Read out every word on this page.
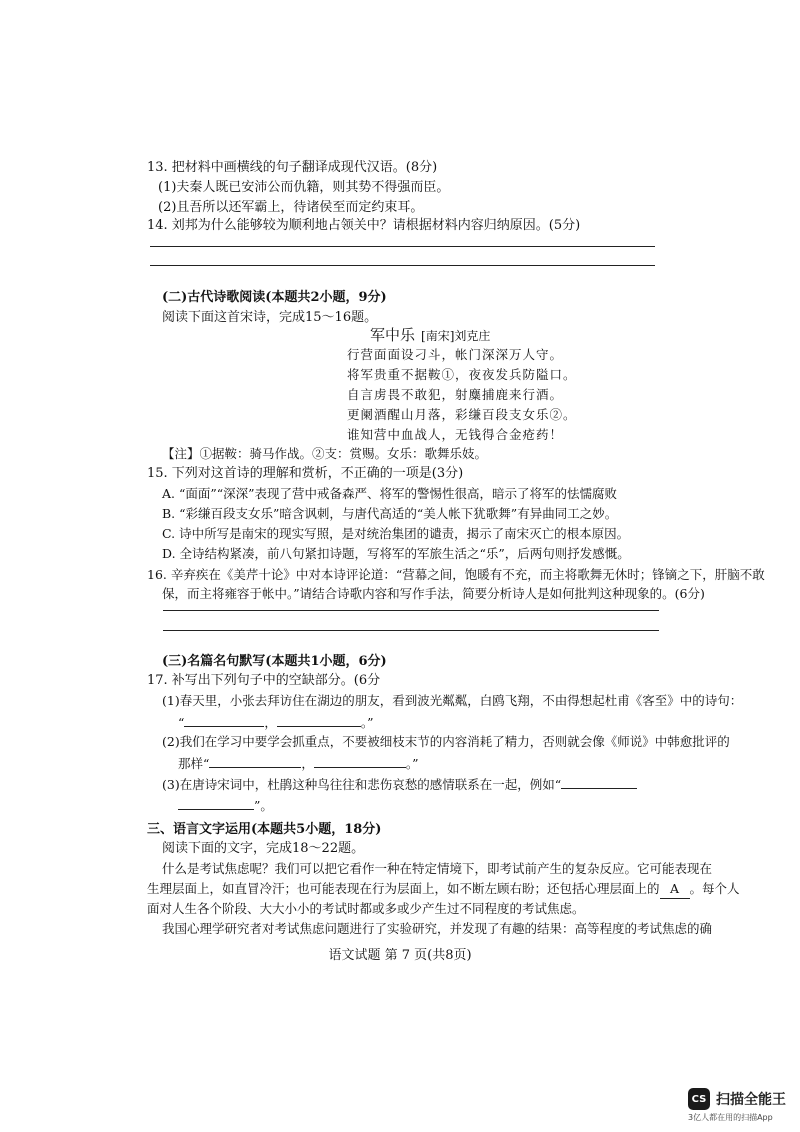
13. 把材料中画横线的句子翻译成现代汉语。(8分)
(1)夫秦人既已安沛公而仇籍，则其势不得强而臣。
(2)且吾所以还军霸上，待诸侯至而定约束耳。
14. 刘邦为什么能够较为顺利地占领关中？请根据材料内容归纳原因。(5分)
(二)古代诗歌阅读(本题共2小题，9分)
阅读下面这首宋诗，完成15～16题。
军中乐 [南宋]刘克庄
行营面面设刁斗，帐门深深万人守。
将军贵重不据鞍①，夜夜发兵防隘口。
自言虏畏不敢犯，射麋捕鹿来行酒。
更阑酒醒山月落，彩缣百段支女乐②。
谁知营中血战人，无钱得合金疮药！
【注】①据鞍：骑马作战。②支：赏赐。女乐：歌舞乐妓。
15. 下列对这首诗的理解和赏析，不正确的一项是(3分)
A. “面面”“深深”表现了营中戒备森严、将军的警惕性很高，暗示了将军的怯懦腐败
B. “彩缣百段支女乐”暗含讽刺，与唐代高适的“美人帐下犹歌舞”有异曲同工之妙。
C. 诗中所写是南宋的现实写照，是对统治集团的谴责，揭示了南宋灭亡的根本原因。
D. 全诗结构紧凑，前八句紧扣诗题，写将军的军旅生活之“乐”，后两句则抒发感慨。
16. 辛弃疾在《美芹十论》中对本诗评论道：“营幕之间，饱暖有不充，而主将歌舞无休时；锋镝之下，肝脑不敢
保，而主将雍容于帐中。”请结合诗歌内容和写作手法，简要分析诗人是如何批判这种现象的。(6分)
(三)名篇名句默写(本题共1小题，6分)
17. 补写出下列句子中的空缺部分。(6分
(1)春天里，小张去拜访住在湖边的朋友，看到波光粼粼，白鸥飞翔，不由得想起杜甫《客至》中的诗句：
“	，	。”
(2)我们在学习中要学会抓重点，不要被细枝末节的内容消耗了精力，否则就会像《师说》中韩愈批评的
那样“	，	。”
(3)在唐诗宋词中，杜鹃这种鸟往往和悲伤哀愁的感情联系在一起，例如“
”。
三、语言文字运用(本题共5小题，18分)
阅读下面的文字，完成18～22题。
什么是考试焦虑呢？我们可以把它看作一种在特定情境下，即考试前产生的复杂反应。它可能表现在
生理层面上，如直冒冷汗；也可能表现在行为层面上，如不断左顾右盼；还包括心理层面上的 A 。每个人
面对人生各个阶段、大大小小的考试时都或多或少产生过不同程度的考试焦虑。
我国心理学研究者对考试焦虑问题进行了实验研究，并发现了有趣的结果：高等程度的考试焦虑的确
语文试题 第 7 页(共8页)
CS 扫描全能王
3亿人都在用的扫描App
